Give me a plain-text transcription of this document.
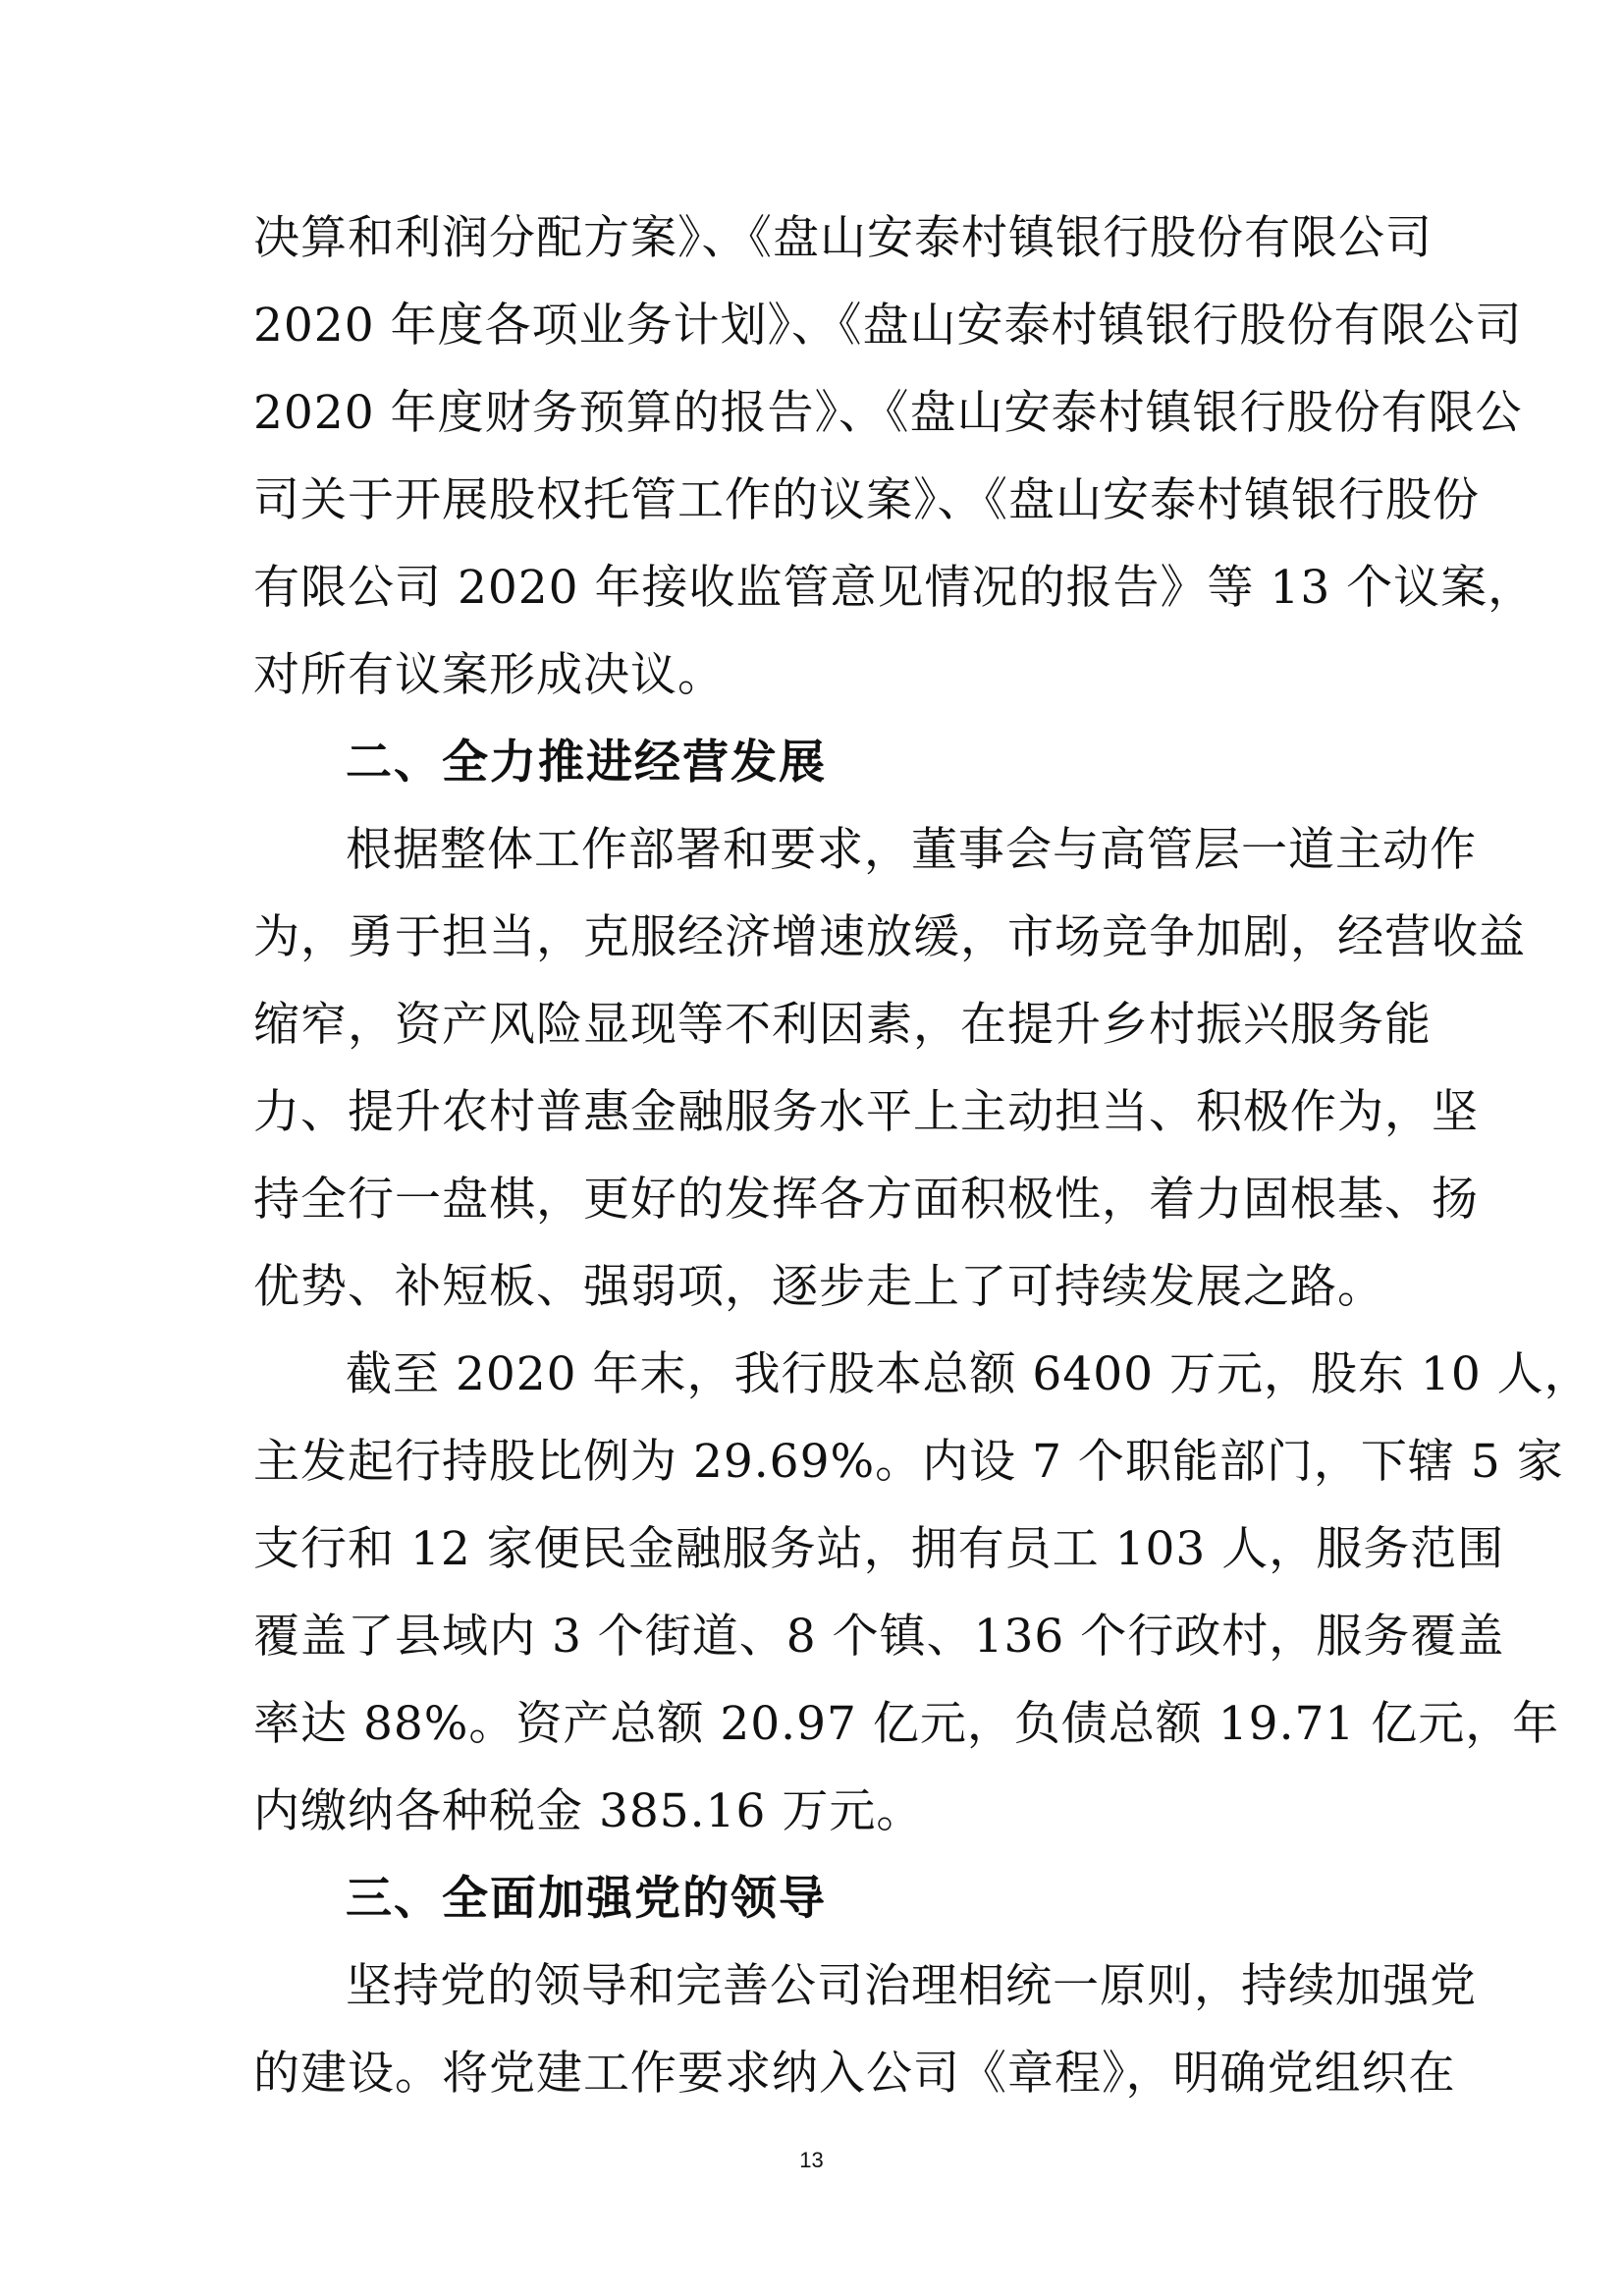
决算和利润分配方案》、《盘山安泰村镇银行股份有限公司
2020 年度各项业务计划》、《盘山安泰村镇银行股份有限公司
2020 年度财务预算的报告》、《盘山安泰村镇银行股份有限公
司关于开展股权托管工作的议案》、《盘山安泰村镇银行股份
有限公司 2020 年接收监管意见情况的报告》等 13 个议案，
对所有议案形成决议。
二、全力推进经营发展
根据整体工作部署和要求，董事会与高管层一道主动作
为，勇于担当，克服经济增速放缓，市场竞争加剧，经营收益
缩窄，资产风险显现等不利因素，在提升乡村振兴服务能
力、提升农村普惠金融服务水平上主动担当、积极作为，坚
持全行一盘棋，更好的发挥各方面积极性，着力固根基、扬
优势、补短板、强弱项，逐步走上了可持续发展之路。
截至 2020 年末，我行股本总额 6400 万元，股东 10 人，
主发起行持股比例为 29.69%。内设 7 个职能部门，下辖 5 家
支行和 12 家便民金融服务站，拥有员工 103 人，服务范围
覆盖了县域内 3 个街道、8 个镇、136 个行政村，服务覆盖
率达 88%。资产总额 20.97 亿元，负债总额 19.71 亿元，年
内缴纳各种税金 385.16 万元。
三、全面加强党的领导
坚持党的领导和完善公司治理相统一原则，持续加强党
的建设。将党建工作要求纳入公司《章程》，明确党组织在
13
